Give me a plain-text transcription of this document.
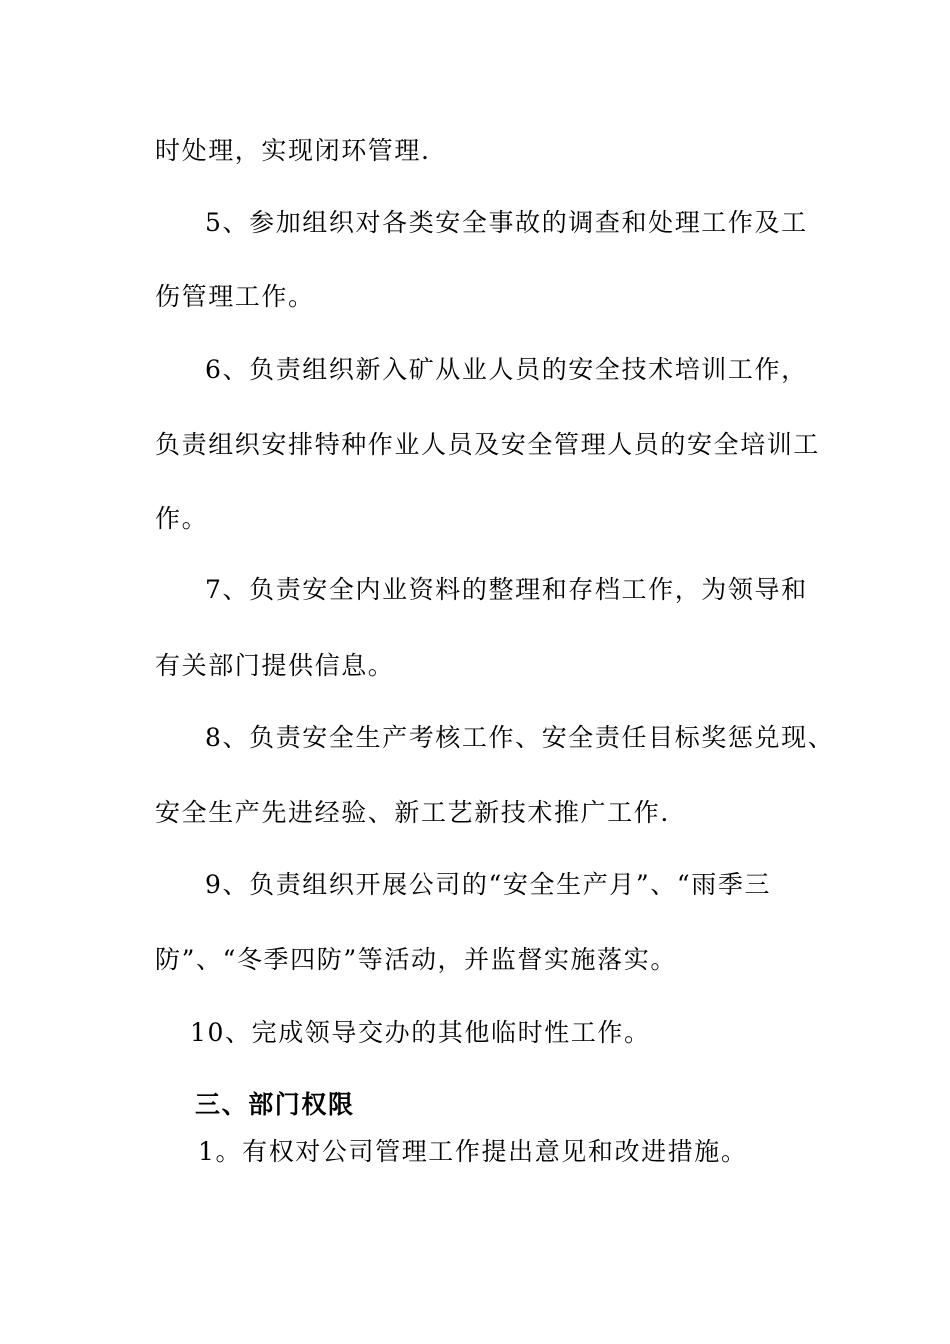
时处理，实现闭环管理.
5、参加组织对各类安全事故的调查和处理工作及工
伤管理工作。
6、负责组织新入矿从业人员的安全技术培训工作，
负责组织安排特种作业人员及安全管理人员的安全培训工
作。
7、负责安全内业资料的整理和存档工作，为领导和
有关部门提供信息。
8、负责安全生产考核工作、安全责任目标奖惩兑现、
安全生产先进经验、新工艺新技术推广工作.
9、负责组织开展公司的“安全生产月”、“雨季三
防”、“冬季四防”等活动，并监督实施落实。
10、完成领导交办的其他临时性工作。
三、部门权限
1。有权对公司管理工作提出意见和改进措施。
